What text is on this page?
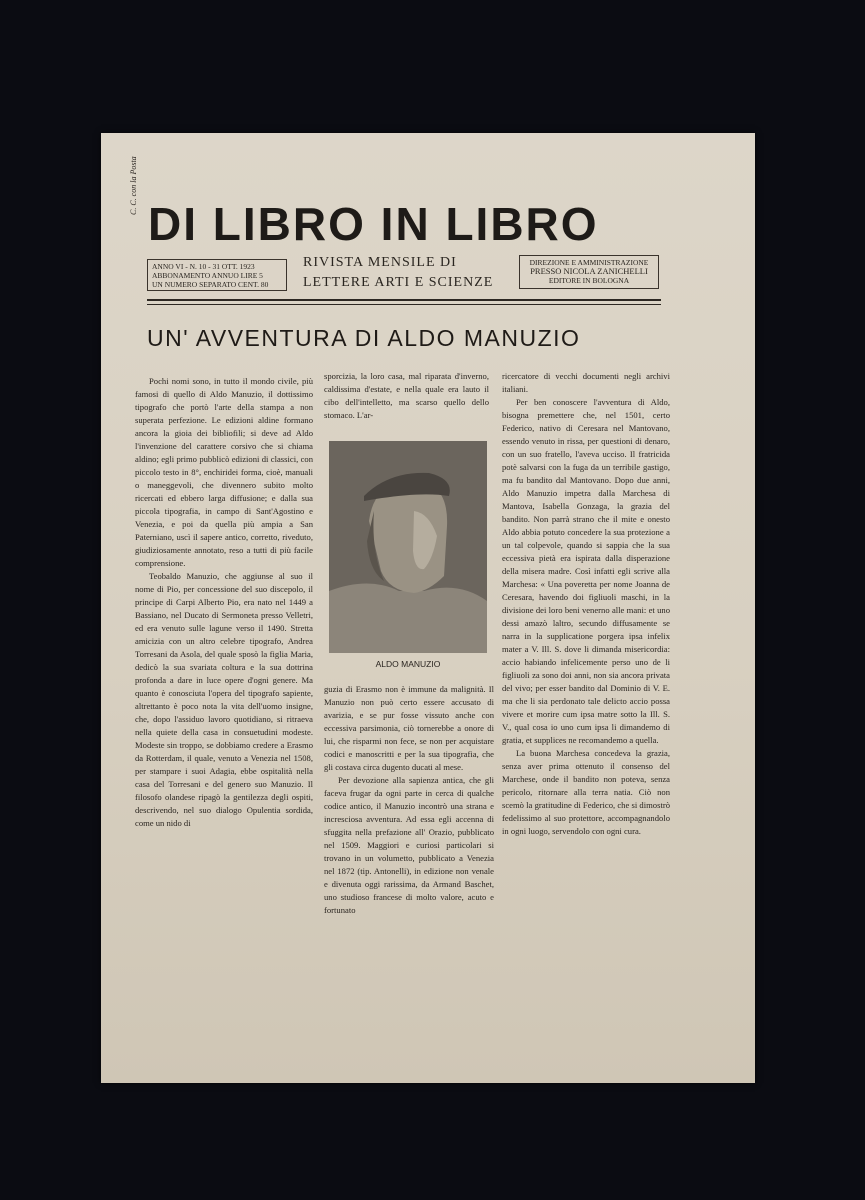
C. C. con la Posta
DI LIBRO IN LIBRO
ANNO VI - N. 10 - 31 OTT. 1923
ABBONAMENTO ANNUO LIRE 5
UN NUMERO SEPARATO CENT. 80
RIVISTA MENSILE DI
LETTERE ARTI E SCIENZE
DIREZIONE E AMMINISTRAZIONE
PRESSO NICOLA ZANICHELLI
EDITORE IN BOLOGNA
UN' AVVENTURA DI ALDO MANUZIO

Pochi nomi sono, in tutto il mondo civile, più famosi di quello di Aldo Manuzio, il dottissimo tipografo che portò l'arte della stampa a non superata perfezione. Le edizioni aldine formano ancora la gioia dei bibliofili; si deve ad Aldo l'invenzione del carattere corsivo che si chiama aldino; egli primo pubblicò edizioni di classici, con piccolo testo in 8°, enchiridei forma, cioè, manuali o maneggevoli, che divennero subito molto ricercati ed ebbero larga diffusione; e dalla sua piccola tipografia, in campo di Sant'Agostino e Venezia, e poi da quella più ampia a San Paterniano, uscì il sapere antico, corretto, riveduto, giudiziosamente annotato, reso a tutti di più facile comprensione.

Teobaldo Manuzio, che aggiunse al suo il nome di Pio, per concessione del suo discepolo, il principe di Carpi Alberto Pio, era nato nel 1449 a Bassiano, nel Ducato di Sermoneta presso Velletri, ed era venuto sulle lagune verso il 1490. Stretta amicizia con un altro celebre tipografo, Andrea Torresani da Asola, del quale sposò la figlia Maria, dedicò la sua svariata coltura e la sua dottrina profonda a dare in luce opere d'ogni genere. Ma quanto è conosciuta l'opera del tipografo sapiente, altrettanto è poco nota la vita dell'uomo insigne, che, dopo l'assiduo lavoro quotidiano, si ritraeva nella quiete della casa in consuetudini modeste. Modeste sin troppo, se dobbiamo credere a Erasmo da Rotterdam, il quale, venuto a Venezia nel 1508, per stampare i suoi Adagia, ebbe ospitalità nella casa del Torresani e del genero suo Manuzio. Il filosofo olandese ripagò la gentilezza degli ospiti, descrivendo, nel suo dialogo Opulentia sordida, come un nido di

sporcizia, la loro casa, mal riparata d'inverno, caldissima d'estate, e nella quale era lauto il cibo dell'intelletto, ma scarso quello dello stomaco. L'ar-

ALDO MANUZIO

guzia di Erasmo non è immune da malignità. Il Manuzio non può certo essere accusato di avarizia, e se pur fosse vissuto anche con eccessiva parsimonia, ciò tornerebbe a onore di lui, che risparmi non fece, se non per acquistare codici e manoscritti e per la sua tipografia, che gli costava circa dugento ducati al mese.

Per devozione alla sapienza antica, che gli faceva frugar da ogni parte in cerca di qualche codice antico, il Manuzio incontrò una strana e incresciosa avventura. Ad essa egli accenna di sfuggita nella prefazione all' Orazio, pubblicato nel 1509. Maggiori e curiosi particolari si trovano in un volumetto, pubblicato a Venezia nel 1872 (tip. Antonelli), in edizione non venale e divenuta oggi rarissima, da Armand Baschet, uno studioso francese di molto valore, acuto e fortunato

ricercatore di vecchi documenti negli archivi italiani.

Per ben conoscere l'avventura di Aldo, bisogna premettere che, nel 1501, certo Federico, nativo di Ceresara nel Mantovano, essendo venuto in rissa, per questioni di denaro, con un suo fratello, l'aveva ucciso. Il fratricida potè salvarsi con la fuga da un terribile gastigo, ma fu bandito dal Mantovano. Dopo due anni, Aldo Manuzio impetra dalla Marchesa di Mantova, Isabella Gonzaga, la grazia del bandito. Non parrà strano che il mite e onesto Aldo abbia potuto concedere la sua protezione a un tal colpevole, quando si sappia che la sua eccessiva pietà era ispirata dalla disperazione della misera madre. Così infatti egli scrive alla Marchesa: « Una poveretta per nome Joanna de Ceresara, havendo doi figliuoli maschi, in la divisione dei loro beni venerno alle mani: et uno dessi amazò laltro, secundo diffusamente se narra in la supplicatione porgera ipsa infelix mater a V. Ill. S. dove li dimanda misericordia: accio habiando infelicemente perso uno de li figliuoli za sono doi anni, non sia ancora privata del vivo; per esser bandito dal Dominio di V. E. ma che li sia perdonato tale delicto accio possa vivere et morire cum ipsa matre sotto la Ill. S. V., qual cosa io uno cum ipsa li dimandemo di gratia, et supplices ne recomandemo a quella.

La buona Marchesa concedeva la grazia, senza aver prima ottenuto il consenso del Marchese, onde il bandito non poteva, senza pericolo, ritornare alla terra natia. Ciò non scemò la gratitudine di Federico, che si dimostrò fedelissimo al suo protettore, accompagnandolo in ogni luogo, servendolo con ogni cura.
